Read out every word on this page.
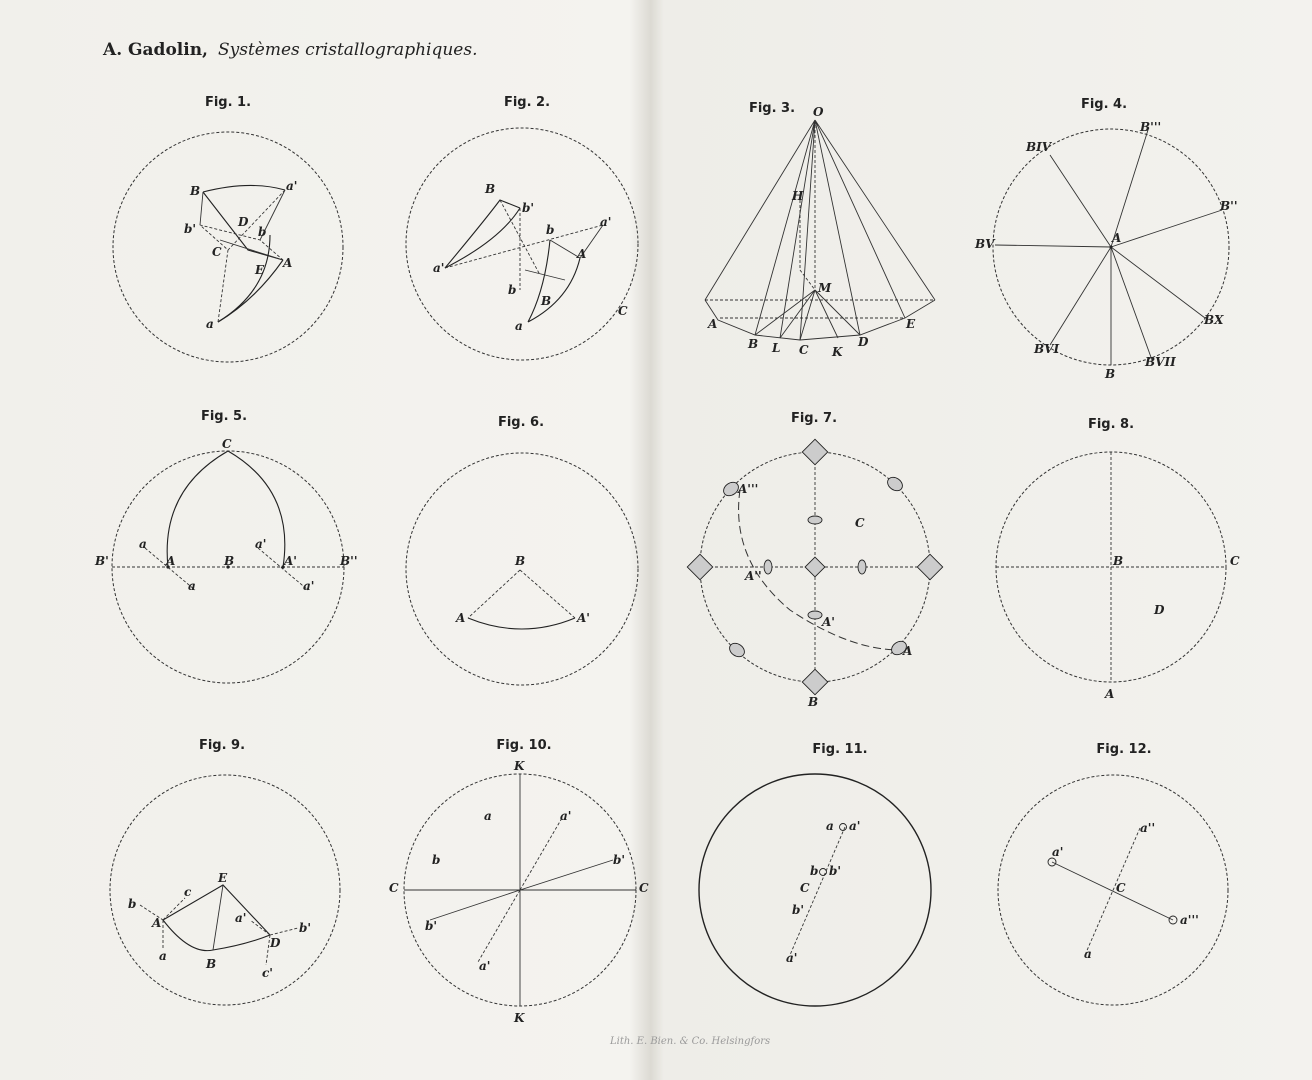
A. Gadolin, Systèmes cristallographiques.
Fig. 1.
B	a'
b'	D
b
C
E A
a
Fig. 2.
B
b'
b
a'
A
a'
b
B
a
C
Fig. 3. O
H
M
A
B L C K
D
E
Fig. 4.
B'''
BIV
B''
A
BV
BX
BVI
BVII
B
Fig. 5.
C
B'
a
A	B
a'
A'	B''
a	a'
Fig. 6.
B
A	A'
Fig. 7.
A'''
C
A''
A'
A
B
Fig. 8.
B	C
D
A
Fig. 9.
E
c
b
A	a'
D
b'
a
B
c'
Fig. 10.
K
a	a'
b	b'
C	C
b'
a'
K
Fig. 11.
a a'
b b'
C
b'
a'
Fig. 12.
a''
a'
C
a'''
a
Lith. E. Bien. & Co. Helsingfors
